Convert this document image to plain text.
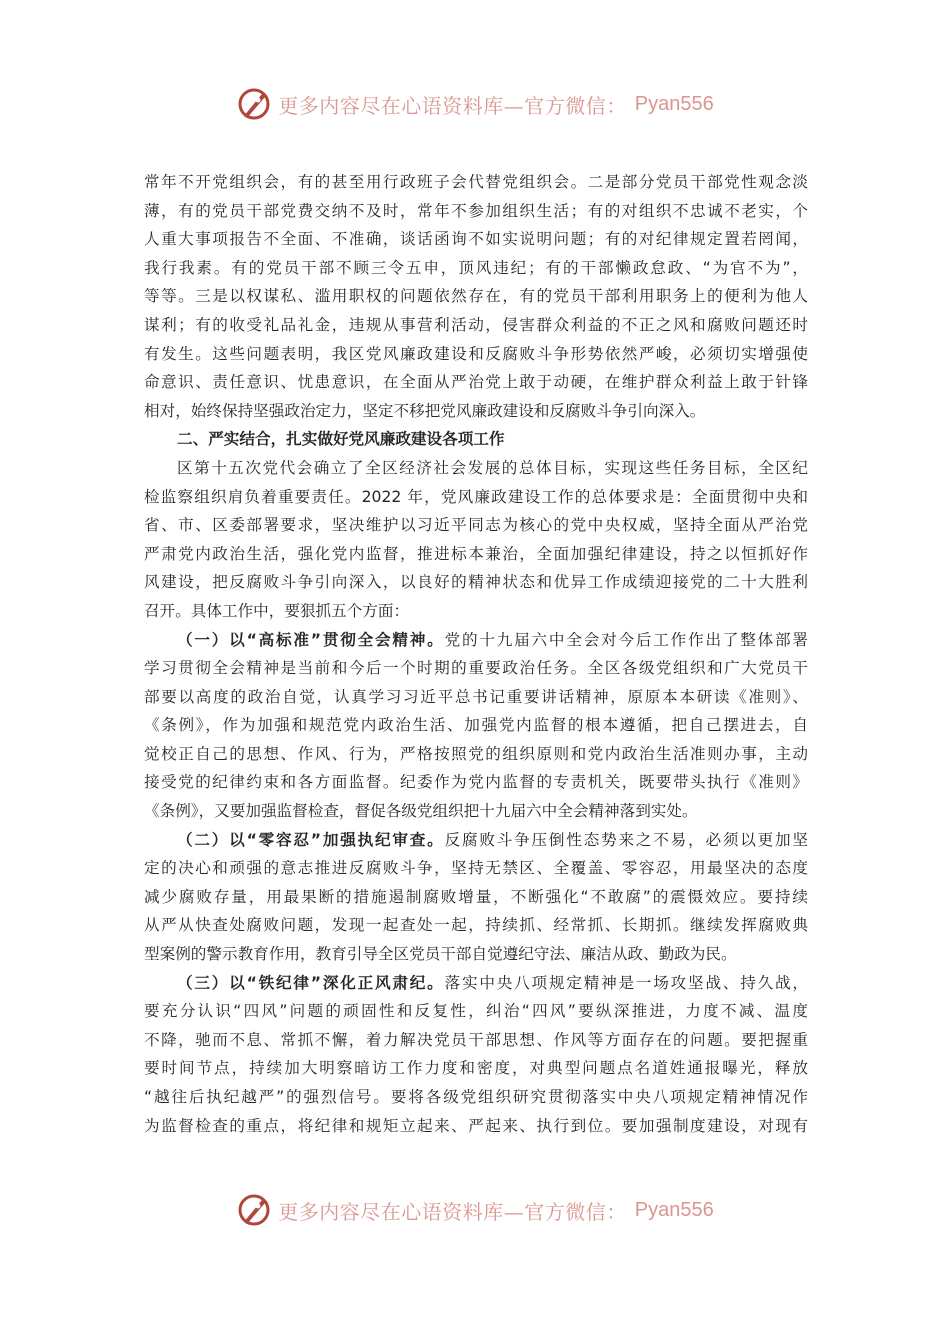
更多内容尽在心语资料库—官方微信： Pyan556
常年不开党组织会，有的甚至用行政班子会代替党组织会。二是部分党员干部党性观念淡
薄，有的党员干部党费交纳不及时，常年不参加组织生活；有的对组织不忠诚不老实，个
人重大事项报告不全面、不准确，谈话函询不如实说明问题；有的对纪律规定置若罔闻，
我行我素。有的党员干部不顾三令五申，顶风违纪；有的干部懒政怠政、“为官不为”，
等等。三是以权谋私、滥用职权的问题依然存在，有的党员干部利用职务上的便利为他人
谋利；有的收受礼品礼金，违规从事营利活动，侵害群众利益的不正之风和腐败问题还时
有发生。这些问题表明，我区党风廉政建设和反腐败斗争形势依然严峻，必须切实增强使
命意识、责任意识、忧患意识，在全面从严治党上敢于动硬，在维护群众利益上敢于针锋
相对，始终保持坚强政治定力，坚定不移把党风廉政建设和反腐败斗争引向深入。
二、严实结合，扎实做好党风廉政建设各项工作
区第十五次党代会确立了全区经济社会发展的总体目标，实现这些任务目标，全区纪
检监察组织肩负着重要责任。2022 年，党风廉政建设工作的总体要求是：全面贯彻中央和
省、市、区委部署要求，坚决维护以习近平同志为核心的党中央权威，坚持全面从严治党
严肃党内政治生活，强化党内监督，推进标本兼治，全面加强纪律建设，持之以恒抓好作
风建设，把反腐败斗争引向深入，以良好的精神状态和优异工作成绩迎接党的二十大胜利
召开。具体工作中，要狠抓五个方面：
（一）以“高标准”贯彻全会精神。党的十九届六中全会对今后工作作出了整体部署
学习贯彻全会精神是当前和今后一个时期的重要政治任务。全区各级党组织和广大党员干
部要以高度的政治自觉，认真学习习近平总书记重要讲话精神，原原本本研读《准则》、
《条例》，作为加强和规范党内政治生活、加强党内监督的根本遵循，把自己摆进去，自
觉校正自己的思想、作风、行为，严格按照党的组织原则和党内政治生活准则办事，主动
接受党的纪律约束和各方面监督。纪委作为党内监督的专责机关，既要带头执行《准则》
《条例》，又要加强监督检查，督促各级党组织把十九届六中全会精神落到实处。
（二）以“零容忍”加强执纪审查。反腐败斗争压倒性态势来之不易，必须以更加坚
定的决心和顽强的意志推进反腐败斗争，坚持无禁区、全覆盖、零容忍，用最坚决的态度
减少腐败存量，用最果断的措施遏制腐败增量，不断强化“不敢腐”的震慑效应。要持续
从严从快查处腐败问题，发现一起查处一起，持续抓、经常抓、长期抓。继续发挥腐败典
型案例的警示教育作用，教育引导全区党员干部自觉遵纪守法、廉洁从政、勤政为民。
（三）以“铁纪律”深化正风肃纪。落实中央八项规定精神是一场攻坚战、持久战，
要充分认识“四风”问题的顽固性和反复性，纠治“四风”要纵深推进，力度不减、温度
不降，驰而不息、常抓不懈，着力解决党员干部思想、作风等方面存在的问题。要把握重
要时间节点，持续加大明察暗访工作力度和密度，对典型问题点名道姓通报曝光，释放
“越往后执纪越严”的强烈信号。要将各级党组织研究贯彻落实中央八项规定精神情况作
为监督检查的重点，将纪律和规矩立起来、严起来、执行到位。要加强制度建设，对现有
更多内容尽在心语资料库—官方微信： Pyan556
